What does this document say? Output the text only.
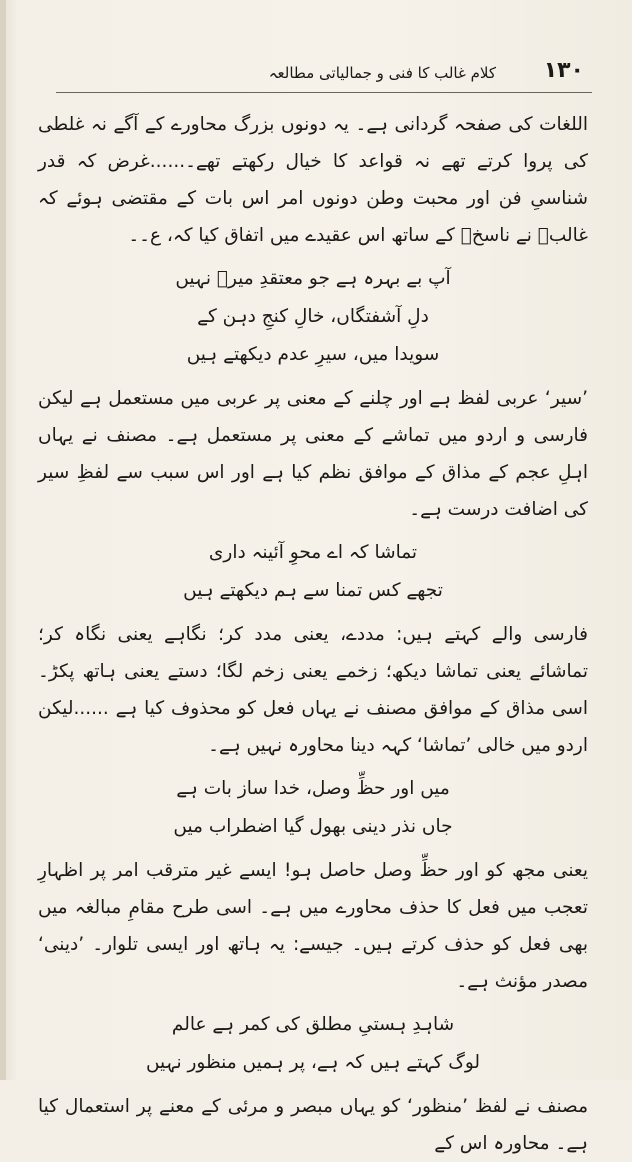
۱۳۰
کلام غالب کا فنی و جمالیاتی مطالعہ

اللغات کی صفحہ گردانی ہے۔ یہ دونوں بزرگ محاورے کے آگے نہ غلطی کی پروا کرتے تھے نہ قواعد کا خیال رکھتے تھے۔......غرض کہ قدر شناسیِ فن اور محبت وطن دونوں امر اس بات کے مقتضی ہوئے کہ غالبؔ نے ناسخؔ کے ساتھ اس عقیدے میں اتفاق کیا کہ، ع۔۔

آپ بے بہرہ ہے جو معتقدِ میرؔ نہیں
دلِ آشفتگاں، خالِ کنجِ دہن کے
سویدا میں، سیرِ عدم دیکھتے ہیں

’سیر‘ عربی لفظ ہے اور چلنے کے معنی پر عربی میں مستعمل ہے لیکن فارسی و اردو میں تماشے کے معنی پر مستعمل ہے۔ مصنف نے یہاں اہلِ عجم کے مذاق کے موافق نظم کیا ہے اور اس سبب سے لفظِ سیر کی اضافت درست ہے۔

تماشا کہ اے محوِ آئینہ داری
تجھے کس تمنا سے ہم دیکھتے ہیں

فارسی والے کہتے ہیں: مددے، یعنی مدد کر؛ نگاہے یعنی نگاہ کر؛ تماشائے یعنی تماشا دیکھ؛ زخمے یعنی زخم لگا؛ دستے یعنی ہاتھ پکڑ۔ اسی مذاق کے موافق مصنف نے یہاں فعل کو محذوف کیا ہے ......لیکن اردو میں خالی ’تماشا‘ کہہ دینا محاورہ نہیں ہے۔

میں اور حظِّ وصل، خدا ساز بات ہے
جاں نذر دینی بھول گیا اضطراب میں

یعنی مجھ کو اور حظِّ وصل حاصل ہو! ایسے غیر مترقب امر پر اظہارِ تعجب میں فعل کا حذف محاورے میں ہے۔ اسی طرح مقامِ مبالغہ میں بھی فعل کو حذف کرتے ہیں۔ جیسے: یہ ہاتھ اور ایسی تلوار۔ ’دینی‘ مصدر مؤنث ہے۔

شاہدِ ہستیِ مطلق کی کمر ہے عالم
لوگ کہتے ہیں کہ ہے، پر ہمیں منظور نہیں

مصنف نے لفظ ’منظور‘ کو یہاں مبصر و مرئی کے معنے پر استعمال کیا ہے۔ محاورہ اس کے
